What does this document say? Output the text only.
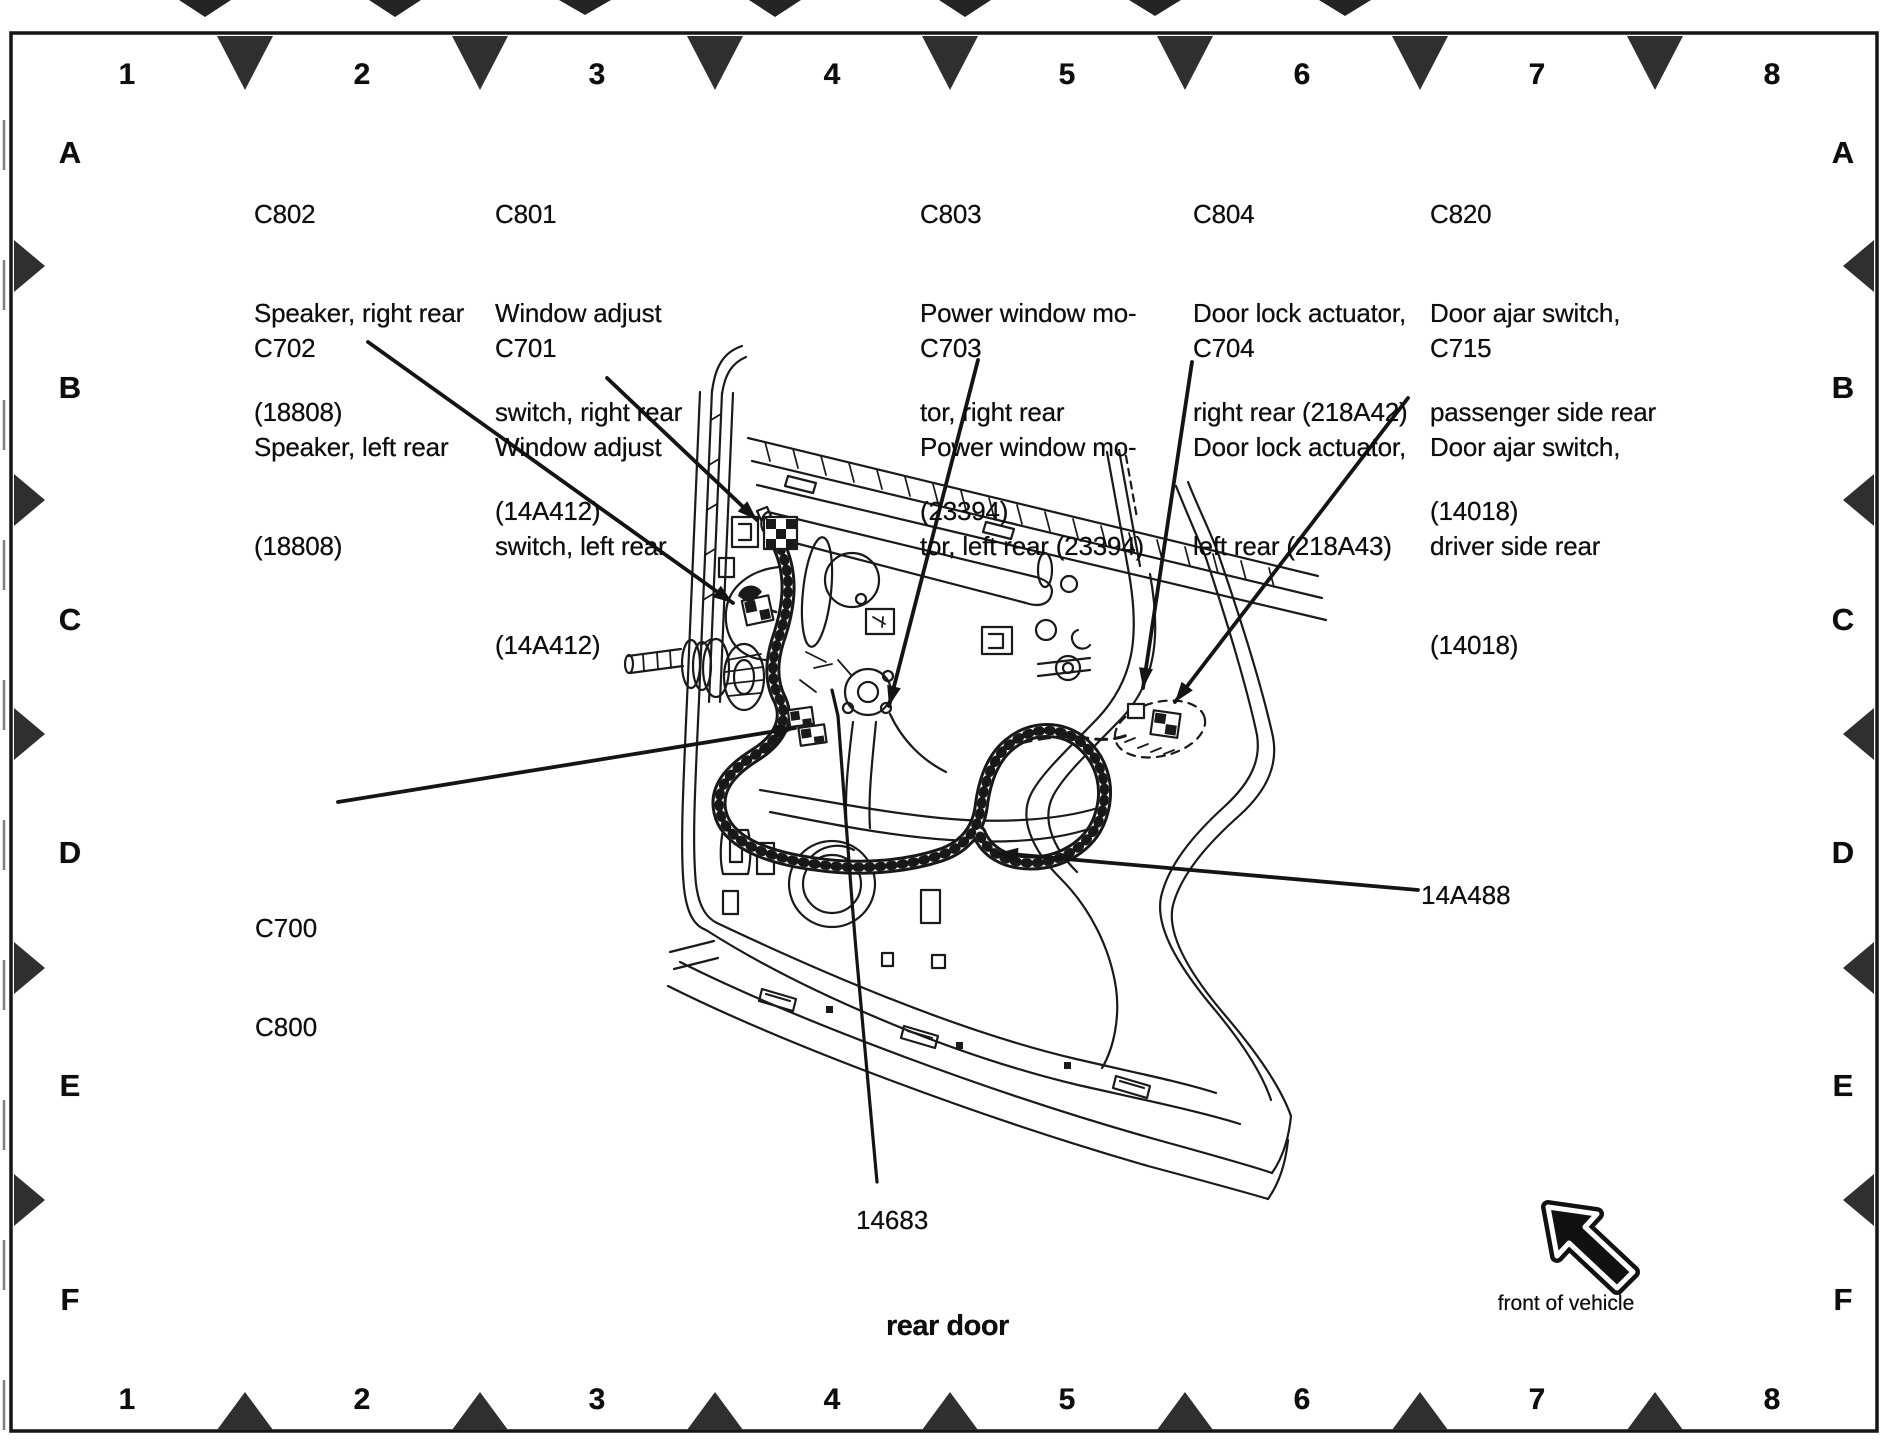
1	2	3	4	5	6	7	8
1	2	3	4	5	6	7	8
A
B
C
D
E
F
A
B
C
D
E
F

C802

Speaker, right rear

(18808)

C801

Window adjust

switch, right rear

(14A412)

C803

Power window mo-

tor, right rear

(23394)

C804

Door lock actuator,

right rear (218A42)

C820

Door ajar switch,

passenger side rear

(14018)

C702

Speaker, left rear

(18808)

C701

Window adjust

switch, left rear

(14A412)

C703

Power window mo-

tor, left rear (23394)

C704

Door lock actuator,

left rear (218A43)

C715

Door ajar switch,

driver side rear

(14018)

C700

C800

14A488
14683
rear door
front of vehicle
